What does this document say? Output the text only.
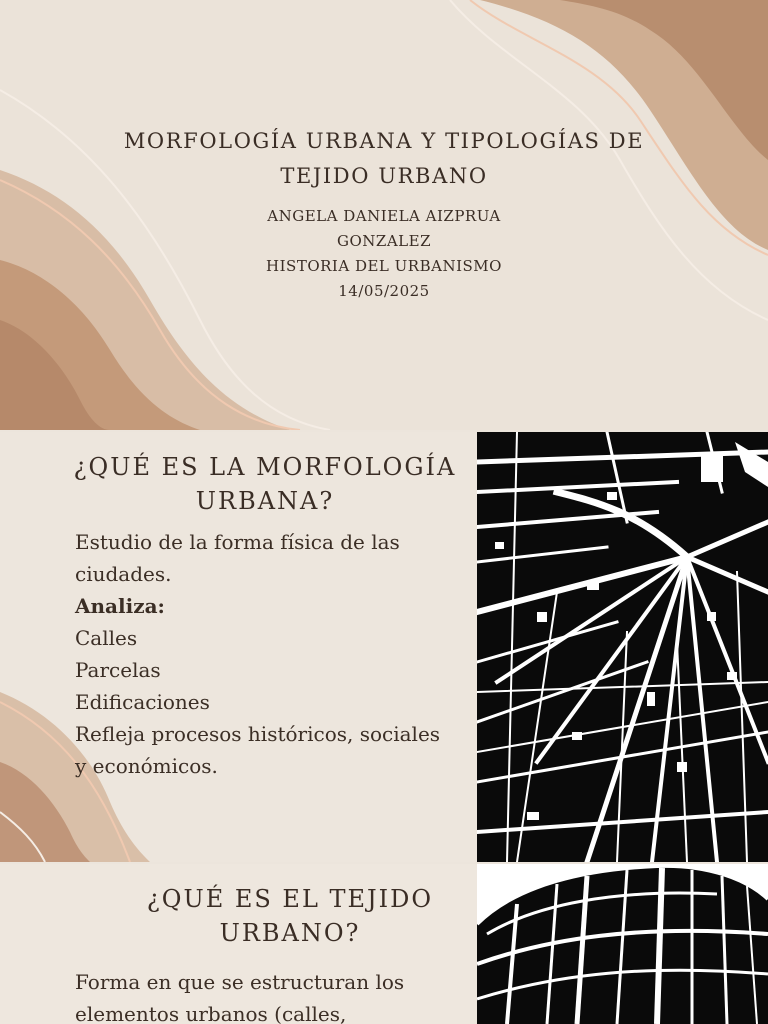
MORFOLOGÍA URBANA Y TIPOLOGÍAS DE
TEJIDO URBANO
ANGELA DANIELA AIZPRUA
GONZALEZ
HISTORIA DEL URBANISMO
14/05/2025
¿QUÉ ES LA MORFOLOGÍA
URBANA?
Estudio de la forma física de las
ciudades.
Analiza:
Calles
Parcelas
Edificaciones
Refleja procesos históricos, sociales
y económicos.
¿QUÉ ES EL TEJIDO
URBANO?
Forma en que se estructuran los
elementos urbanos (calles,
